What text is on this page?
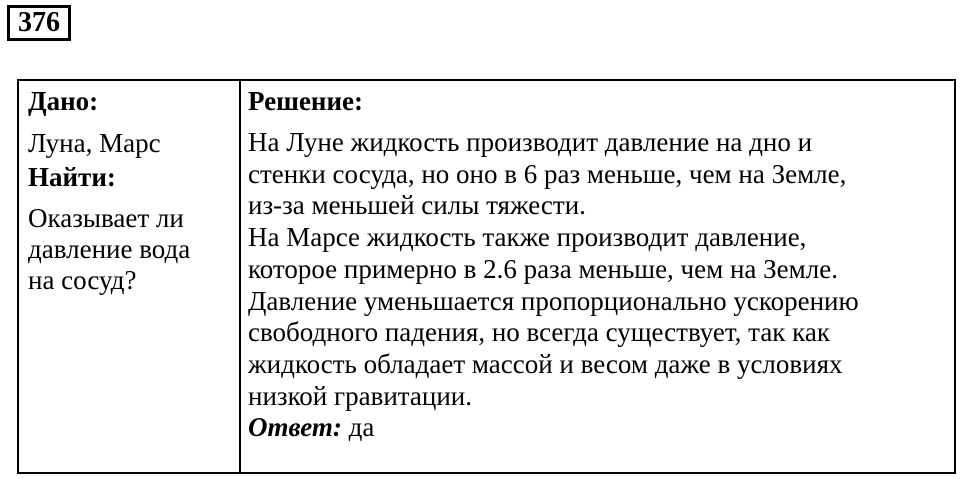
376

Дано:

Луна, Марс

Найти:

Оказывает ли
давление вода
на сосуд?

Решение:

На Луне жидкость производит давление на дно и
стенки сосуда, но оно в 6 раз меньше, чем на Земле,
из-за меньшей силы тяжести.
На Марсе жидкость также производит давление,
которое примерно в 2.6 раза меньше, чем на Земле.
Давление уменьшается пропорционально ускорению
свободного падения, но всегда существует, так как
жидкость обладает массой и весом даже в условиях
низкой гравитации.
Ответ: да
